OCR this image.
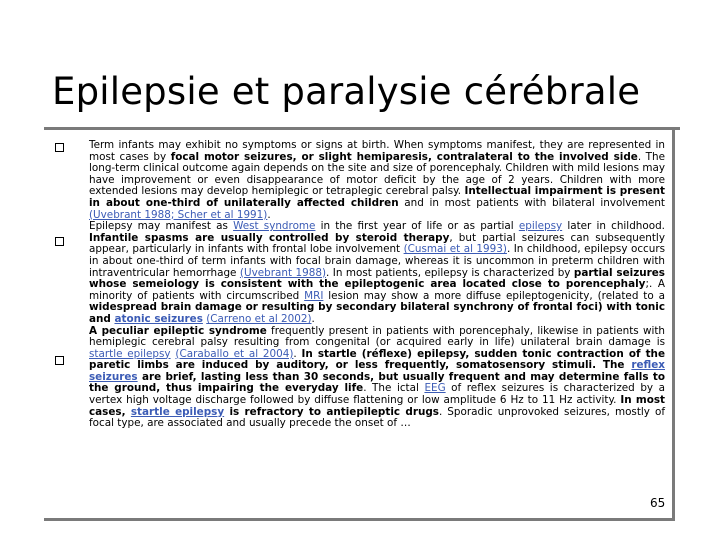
Epilepsie et paralysie cérébrale

Term infants may exhibit no symptoms or signs at birth. When symptoms manifest, they are represented in most cases by focal motor seizures, or slight hemiparesis, contralateral to the involved side. The long-term clinical outcome again depends on the site and size of porencephaly. Children with mild lesions may have improvement or even disappearance of motor deficit by the age of 2 years. Children with more extended lesions may develop hemiplegic or tetraplegic cerebral palsy. Intellectual impairment is present in about one-third of unilaterally affected children and in most patients with bilateral involvement (Uvebrant 1988; Scher et al 1991).

Epilepsy may manifest as West syndrome in the first year of life or as partial epilepsy later in childhood. Infantile spasms are usually controlled by steroid therapy, but partial seizures can subsequently appear, particularly in infants with frontal lobe involvement (Cusmai et al 1993). In childhood, epilepsy occurs in about one-third of term infants with focal brain damage, whereas it is uncommon in preterm children with intraventricular hemorrhage (Uvebrant 1988). In most patients, epilepsy is characterized by partial seizures whose semeiology is consistent with the epileptogenic area located close to porencephaly;. A minority of patients with circumscribed MRI lesion may show a more diffuse epileptogenicity, (related to a widespread brain damage or resulting by secondary bilateral synchrony of frontal foci) with tonic and atonic seizures (Carreno et al 2002).

A peculiar epileptic syndrome frequently present in patients with porencephaly, likewise in patients with hemiplegic cerebral palsy resulting from congenital (or acquired early in life) unilateral brain damage is startle epilepsy (Caraballo et al 2004). In startle (réflexe) epilepsy, sudden tonic contraction of the paretic limbs are induced by auditory, or less frequently, somatosensory stimuli. The reflex seizures are brief, lasting less than 30 seconds, but usually frequent and may determine falls to the ground, thus impairing the everyday life. The ictal EEG of reflex seizures is characterized by a vertex high voltage discharge followed by diffuse flattening or low amplitude 6 Hz to 11 Hz activity. In most cases, startle epilepsy is refractory to antiepileptic drugs. Sporadic unprovoked seizures, mostly of focal type, are associated and usually precede the onset of …

65
